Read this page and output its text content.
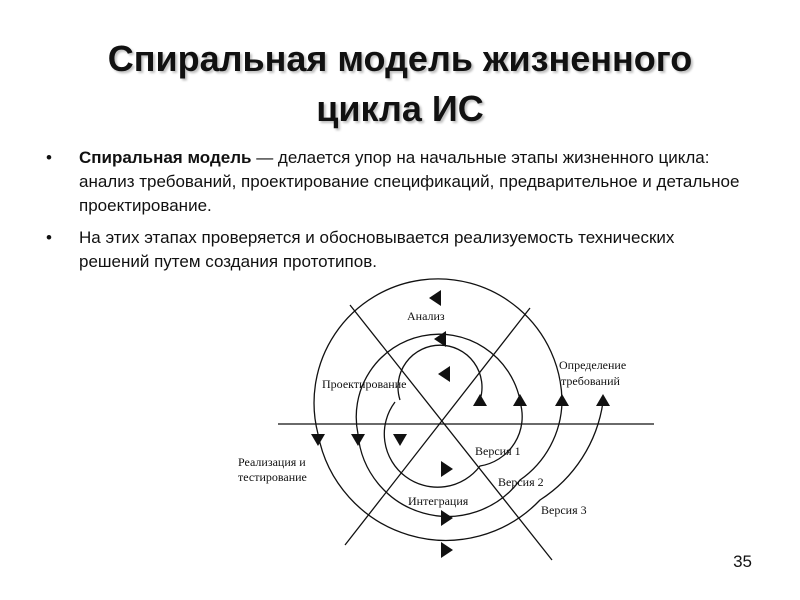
Спиральная модель жизненного
цикла ИС
• Спиральная модель — делается упор на начальные этапы жизненного цикла: анализ требований, проектирование спецификаций, предварительное и детальное проектирование.
• На этих этапах проверяется и обосновывается реализуемость технических решений путем создания прототипов.
Анализ
Определение
требований
Проектирование
Реализация и
тестирование
Интеграция
Версия 1
Версия 2
Версия 3
35
